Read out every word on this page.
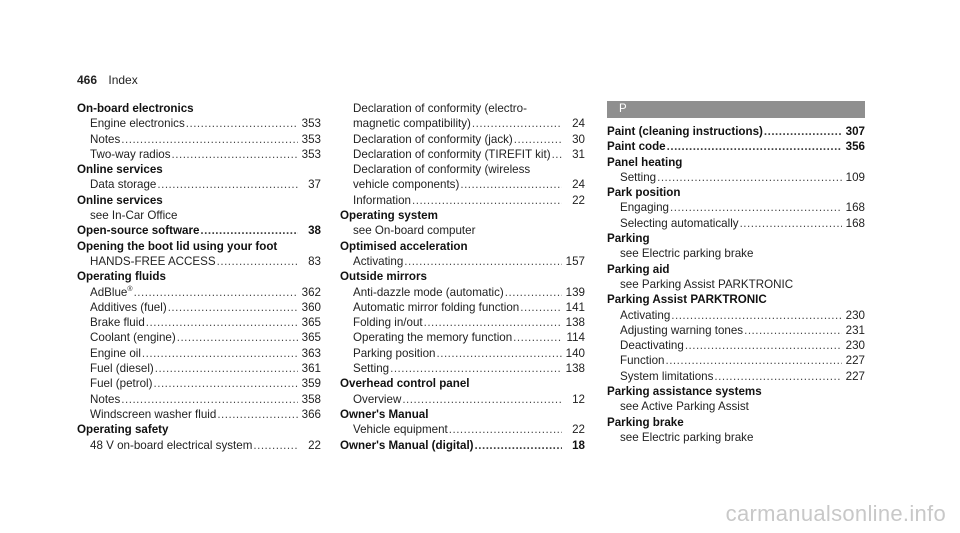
466 Index
On-board electronics
Engine electronics .....	353
Notes .....	353
Two-way radios .....	353
Online services
Data storage .....	37
Online services
see In-Car Office
Open-source software .....	38
Opening the boot lid using your foot
HANDS-FREE ACCESS .....	83
Operating fluids
AdBlue® .....	362
Additives (fuel) .....	360
Brake fluid .....	365
Coolant (engine) .....	365
Engine oil .....	363
Fuel (diesel) .....	361
Fuel (petrol) .....	359
Notes .....	358
Windscreen washer fluid .....	366
Operating safety
48 V on-board electrical system .....	22
Declaration of conformity (electro-
magnetic compatibility) .....	24
Declaration of conformity (jack) .....	30
Declaration of conformity (TIREFIT kit) .....	31
Declaration of conformity (wireless
vehicle components) .....	24
Information .....	22
Operating system
see On-board computer
Optimised acceleration
Activating .....	157
Outside mirrors
Anti-dazzle mode (automatic) .....	139
Automatic mirror folding function .....	141
Folding in/out .....	138
Operating the memory function .....	114
Parking position .....	140
Setting .....	138
Overhead control panel
Overview .....	12
Owner's Manual
Vehicle equipment .....	22
Owner's Manual (digital) .....	18
P
Paint (cleaning instructions) .....	307
Paint code .....	356
Panel heating
Setting .....	109
Park position
Engaging .....	168
Selecting automatically .....	168
Parking
see Electric parking brake
Parking aid
see Parking Assist PARKTRONIC
Parking Assist PARKTRONIC
Activating .....	230
Adjusting warning tones .....	231
Deactivating .....	230
Function .....	227
System limitations .....	227
Parking assistance systems
see Active Parking Assist
Parking brake
see Electric parking brake
carmanualsonline.info
